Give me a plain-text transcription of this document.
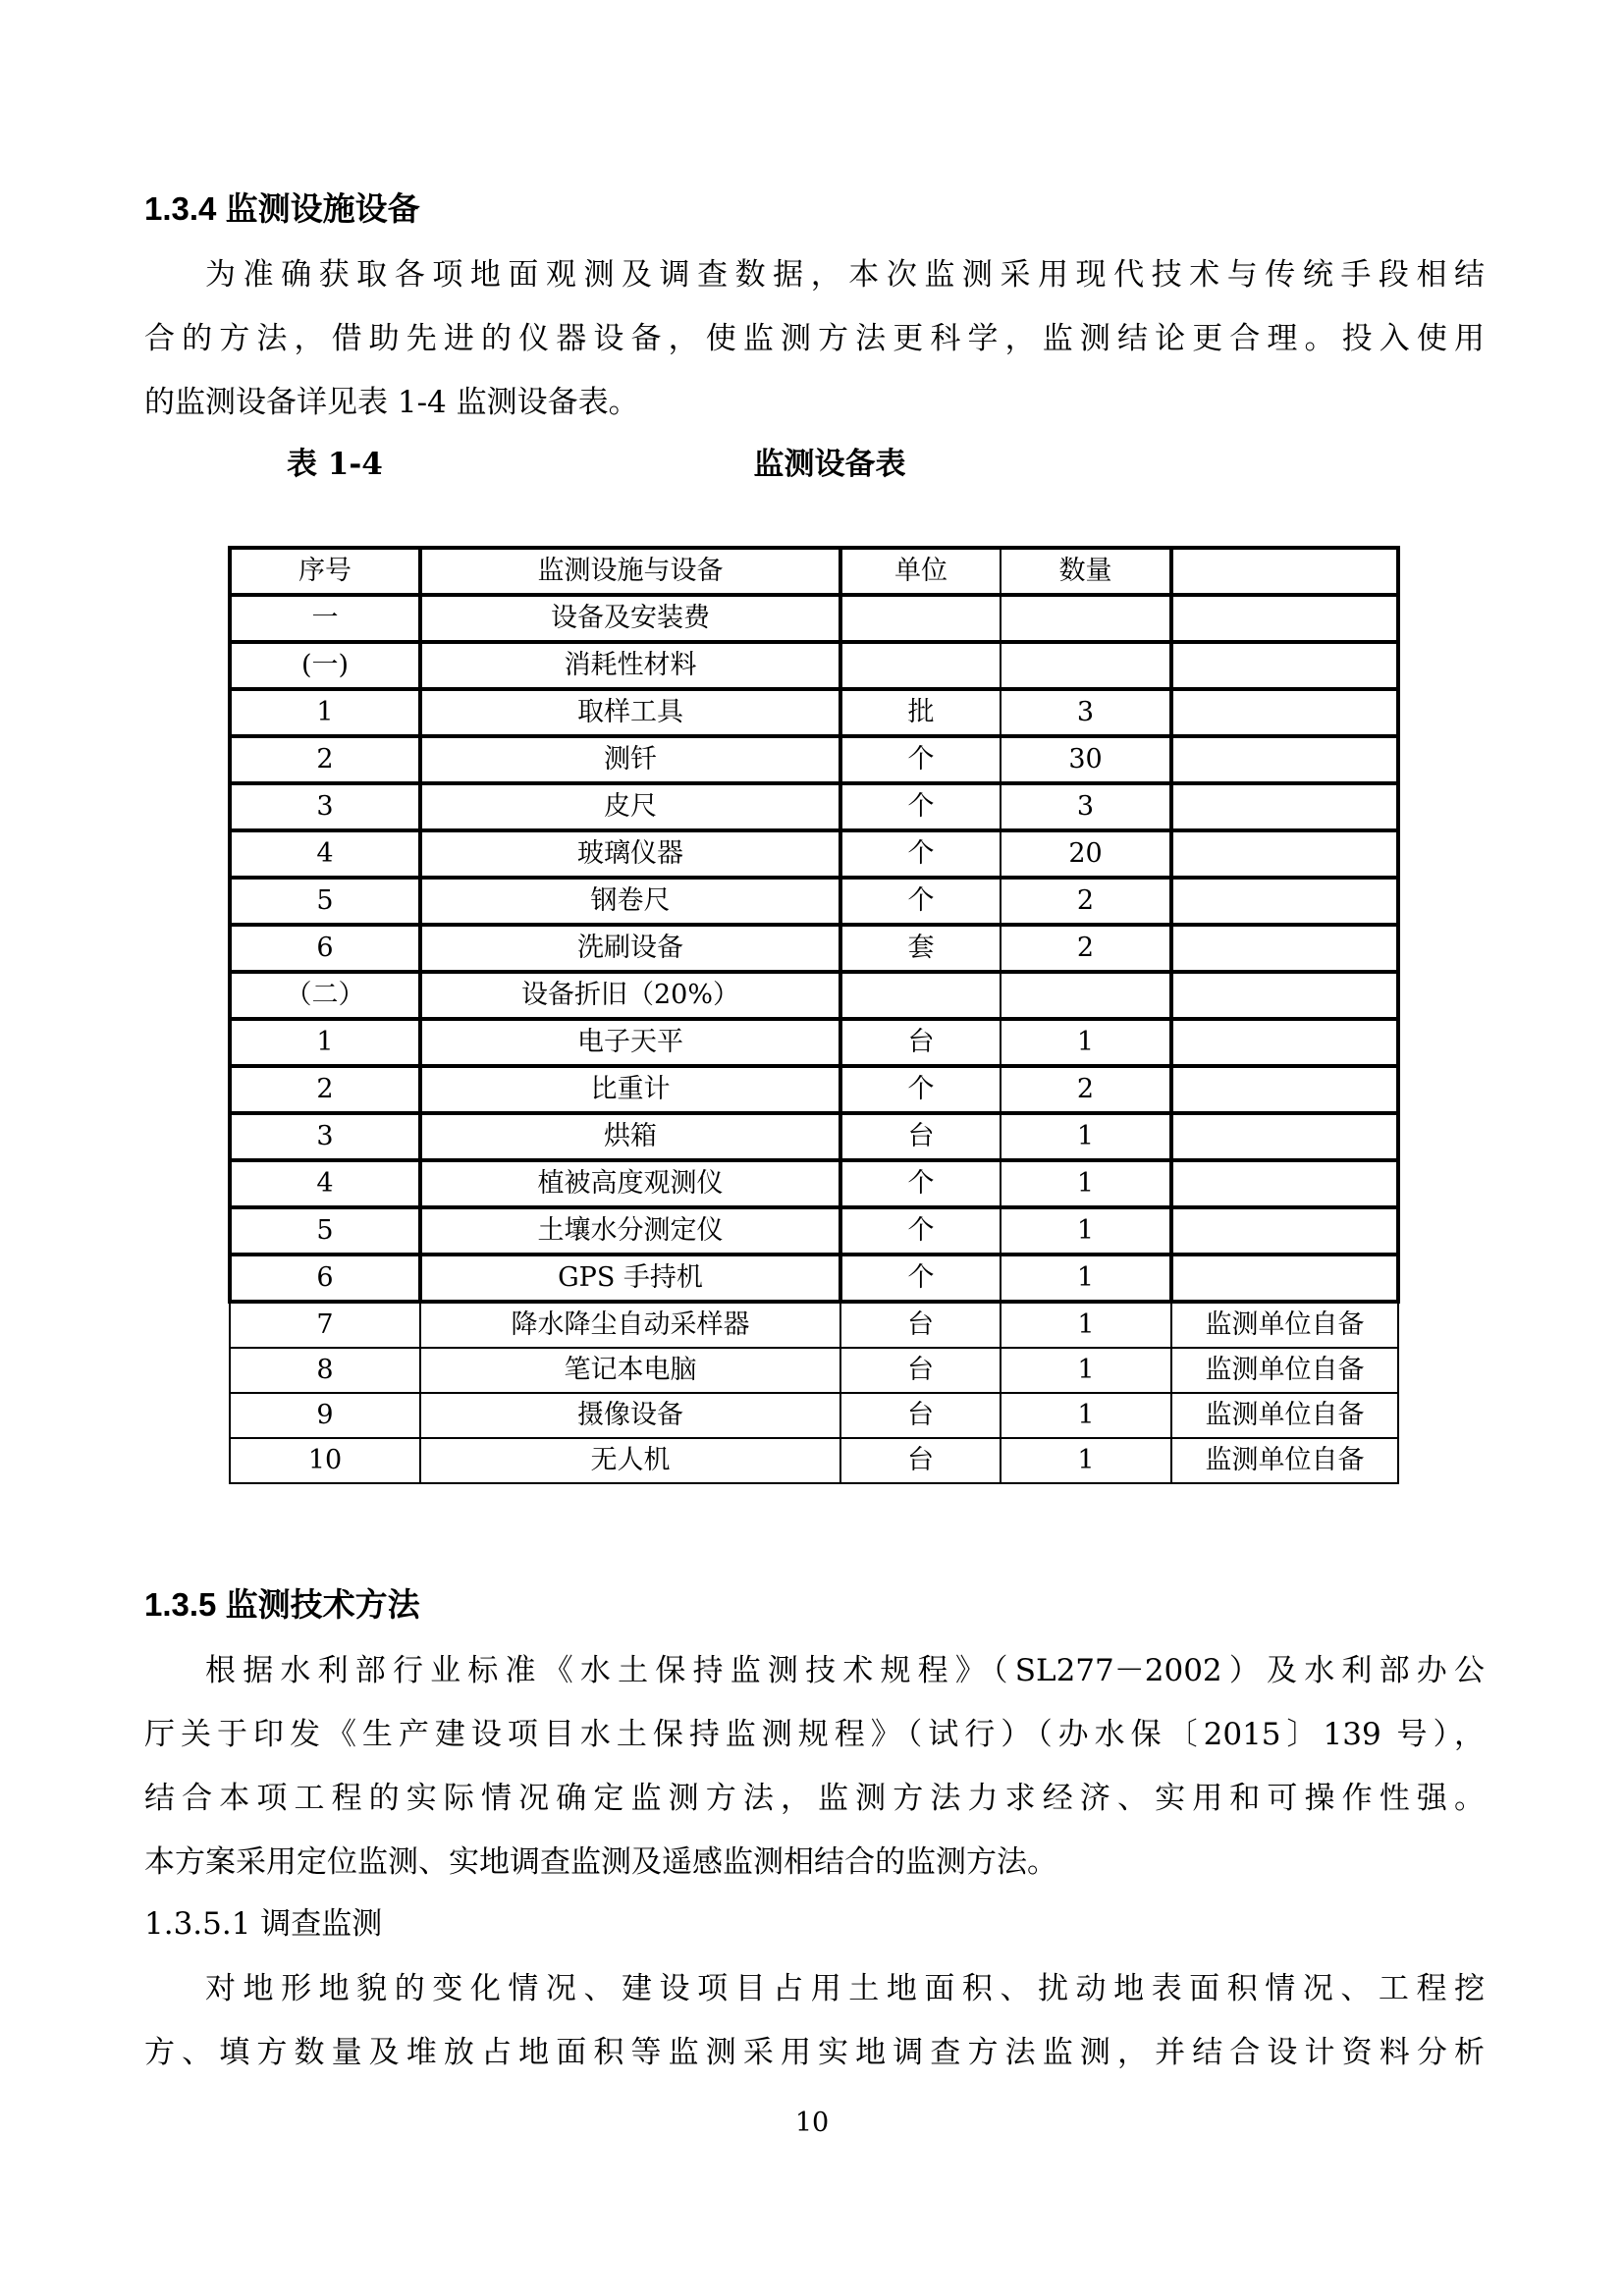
1.3.4 监测设施设备
为准确获取各项地面观测及调查数据，本次监测采用现代技术与传统手段相结
合的方法，借助先进的仪器设备，使监测方法更科学，监测结论更合理。投入使用
的监测设备详见表 1-4 监测设备表。
表 1-4	监测设备表
序号	监测设施与设备	单位	数量	
一	设备及安装费			
(一)	消耗性材料			
1	取样工具	批	3	
2	测钎	个	30	
3	皮尺	个	3	
4	玻璃仪器	个	20	
5	钢卷尺	个	2	
6	洗刷设备	套	2	
（二）	设备折旧（20%）			
1	电子天平	台	1	
2	比重计	个	2	
3	烘箱	台	1	
4	植被高度观测仪	个	1	
5	土壤水分测定仪	个	1	
6	GPS 手持机	个	1	
7	降水降尘自动采样器	台	1	监测单位自备
8	笔记本电脑	台	1	监测单位自备
9	摄像设备	台	1	监测单位自备
10	无人机	台	1	监测单位自备
1.3.5 监测技术方法
根据水利部行业标准《水土保持监测技术规程》（SL277－2002）及水利部办公
厅关于印发《生产建设项目水土保持监测规程》（试行）（办水保〔2015〕139 号），
结合本项工程的实际情况确定监测方法，监测方法力求经济、实用和可操作性强。
本方案采用定位监测、实地调查监测及遥感监测相结合的监测方法。
1.3.5.1 调查监测
对地形地貌的变化情况、建设项目占用土地面积、扰动地表面积情况、工程挖
方、填方数量及堆放占地面积等监测采用实地调查方法监测，并结合设计资料分析
10
